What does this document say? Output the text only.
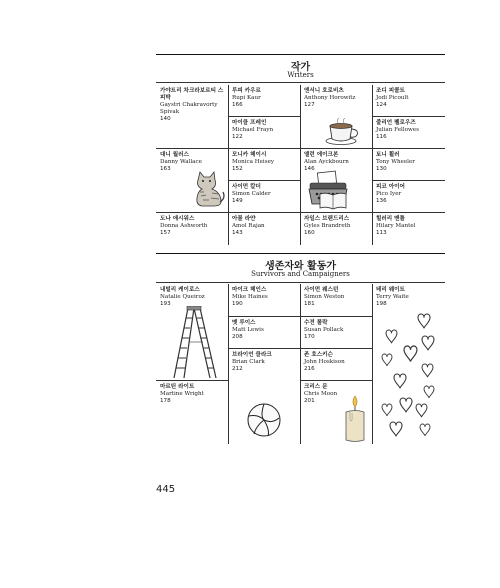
작가
Writers
가야트리 차크라보르티 스피박
Gaystri Chakravorty Spivak
140
루피 카우르
Rupi Kaur
166
마이클 프레인
Michael Frayn
122
앤서니 호로비츠
Anthony Horowitz
127
조디 피콜트
Jodi Picoult
124
줄리언 펠로우즈
Julian Fellowes
116
대니 월러스
Danny Wallace
163
모니카 헤이시
Monica Heisey
152
앨런 에이크본
Alan Ayckbourn
146
토니 휠러
Tony Wheeler
130
사이먼 칼더
Simon Calder
149
피코 아이어
Pico Iyer
136
도나 애시워스
Donna Ashworth
157
아몰 라얀
Amol Rajan
143
자일스 브랜드리스
Gyles Brandreth
160
힐러리 맨틀
Hilary Mantel
113
생존자와 활동가
Survivors and Campaigners
내털리 케이로스
Natalie Queiroz
193
마이크 헤인스
Mike Haines
190
사이먼 웨스턴
Simon Weston
181
테리 웨이트
Terry Waite
198
맷 루이스
Matt Lewis
208
수전 폴락
Susan Pollack
170
브라이언 클라크
Brian Clark
212
존 호스키슨
John Hoskison
216
마르틴 라이트
Martine Wright
178
크리스 문
Chris Moon
201
445
